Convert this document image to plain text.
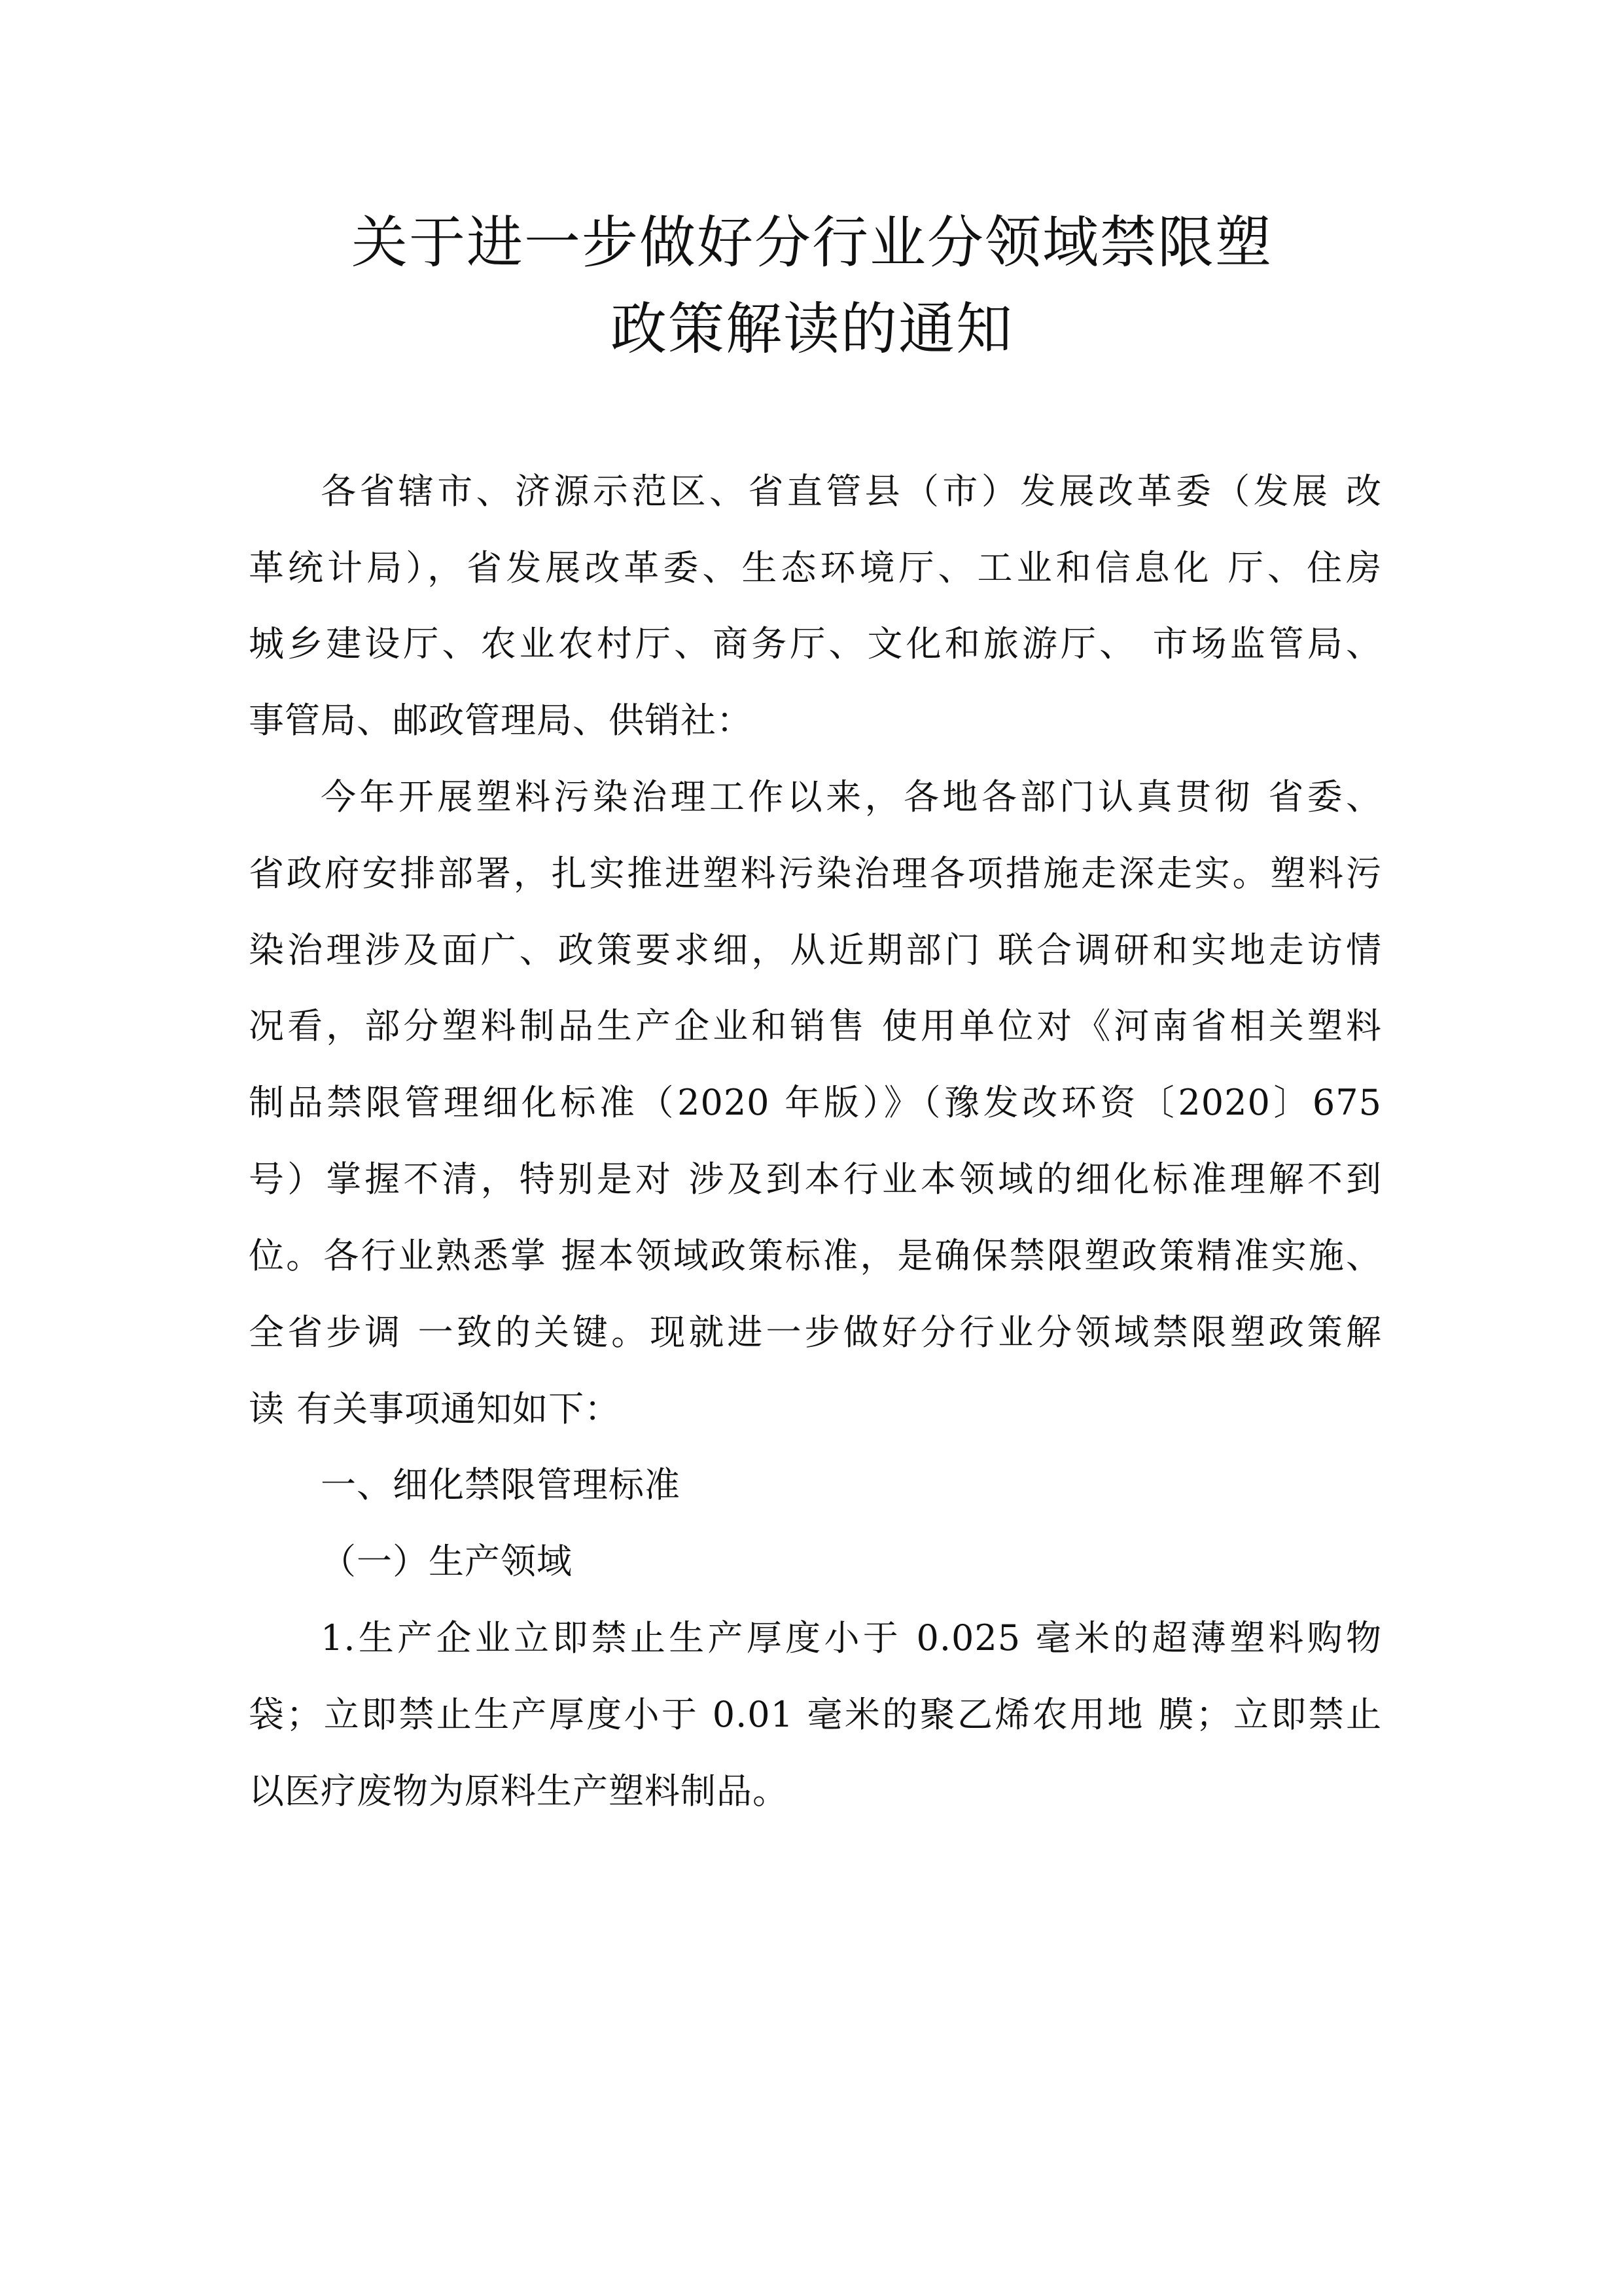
关于进一步做好分行业分领域禁限塑
政策解读的通知
各省辖市、济源示范区、省直管县（市）发展改革委（发展 改
革统计局），省发展改革委、生态环境厅、工业和信息化 厅、住房
城乡建设厅、农业农村厅、商务厅、文化和旅游厅、 市场监管局、
事管局、邮政管理局、供销社：
今年开展塑料污染治理工作以来，各地各部门认真贯彻 省委、
省政府安排部署，扎实推进塑料污染治理各项措施走深走实。塑料污
染治理涉及面广、政策要求细，从近期部门 联合调研和实地走访情
况看，部分塑料制品生产企业和销售 使用单位对《河南省相关塑料
制品禁限管理细化标准（2020 年版）》（豫发改环资〔2020〕675
号）掌握不清，特别是对 涉及到本行业本领域的细化标准理解不到
位。各行业熟悉掌 握本领域政策标准，是确保禁限塑政策精准实施、
全省步调 一致的关键。现就进一步做好分行业分领域禁限塑政策解
读 有关事项通知如下：
一、细化禁限管理标准
（一）生产领域
1.生产企业立即禁止生产厚度小于 0.025 毫米的超薄塑料购物
袋；立即禁止生产厚度小于 0.01 毫米的聚乙烯农用地 膜；立即禁止
以医疗废物为原料生产塑料制品。
